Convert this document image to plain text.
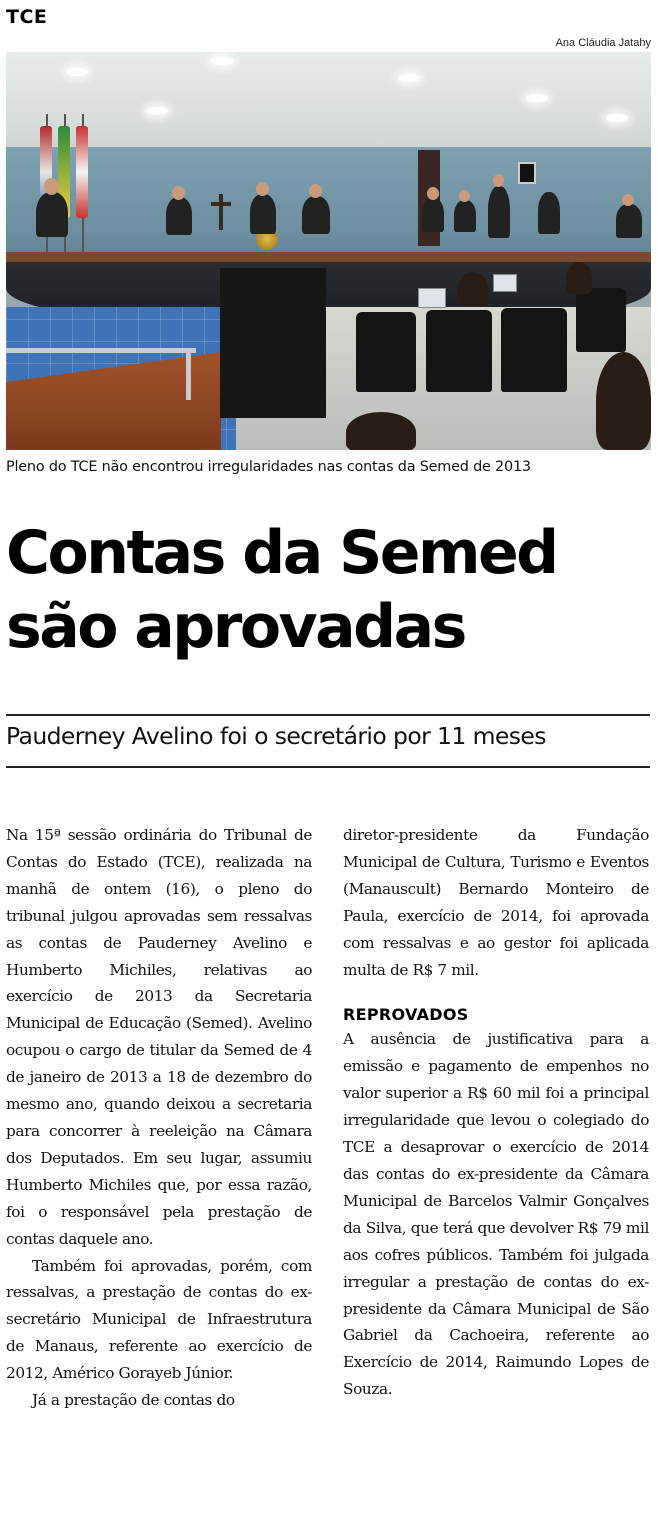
TCE
Ana Cláudia Jatahy
Pleno do TCE não encontrou irregularidades nas contas da Semed de 2013
Contas da Semed
são aprovadas
Pauderney Avelino foi o secretário por 11 meses

Na 15ª sessão ordinária do Tribunal de Contas do Estado (TCE), realizada na manhã de ontem (16), o pleno do tribunal julgou aprovadas sem ressalvas as contas de Pauderney Avelino e Humberto Michiles, relativas ao exercício de 2013 da Secretaria Municipal de Educação (Semed). Avelino ocupou o cargo de titular da Semed de 4 de janeiro de 2013 a 18 de dezembro do mesmo ano, quando deixou a secretaria para concorrer à reeleição na Câmara dos Deputados. Em seu lugar, assumiu Humberto Michiles que, por essa razão, foi o responsável pela prestação de contas daquele ano.

Também foi aprovadas, porém, com ressalvas, a prestação de contas do ex-secretário Municipal de Infraestrutura de Manaus, referente ao exercício de 2012, Américo Gorayeb Júnior.

Já a prestação de contas do

diretor-presidente da Fundação Municipal de Cultura, Turismo e Eventos (Manauscult) Bernardo Monteiro de Paula, exercício de 2014, foi aprovada com ressalvas e ao gestor foi aplicada multa de R$ 7 mil.

REPROVADOS

A ausência de justificativa para a emissão e pagamento de empenhos no valor superior a R$ 60 mil foi a principal irregularidade que levou o colegiado do TCE a desaprovar o exercício de 2014 das contas do ex-presidente da Câmara Municipal de Barcelos Valmir Gonçalves da Silva, que terá que devolver R$ 79 mil aos cofres públicos. Também foi julgada irregular a prestação de contas do ex-presidente da Câmara Municipal de São Gabriel da Cachoeira, referente ao Exercício de 2014, Raimundo Lopes de Souza.
